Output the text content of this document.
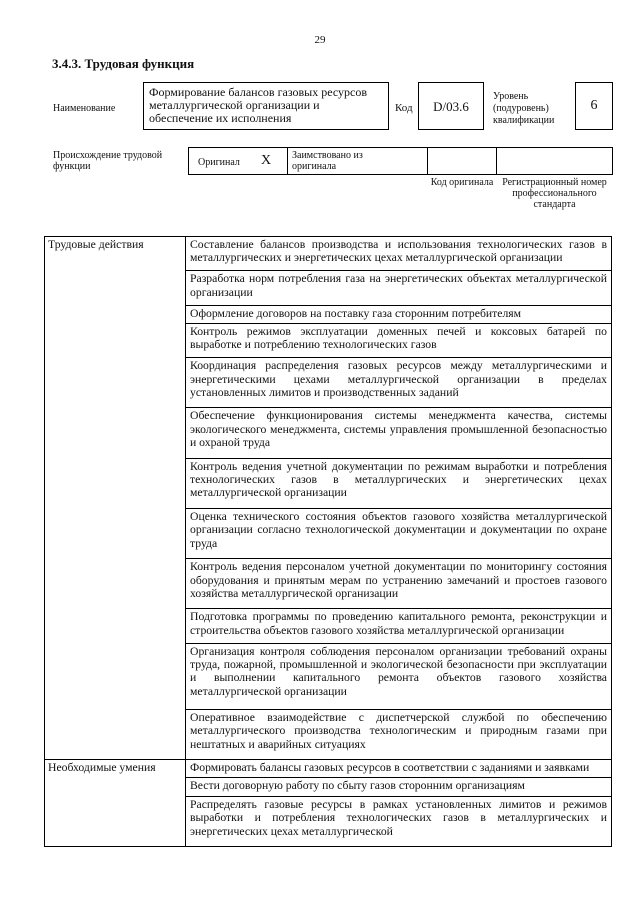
29
3.4.3. Трудовая функция
Наименование
Формирование балансов газовых ресурсов металлургической организации и обеспечение их исполнения
Код	D/03.6
Уровень (подуровень) квалификации
6
Происхождение трудовой функции	Оригинал X	Заимствовано из оригинала
Код оригинала Регистрационный номер профессионального стандарта
Трудовые действия	Составление балансов производства и использования технологических газов в металлургических и энергетических цехах металлургической организации
	Разработка норм потребления газа на энергетических объектах металлургической организации
	Оформление договоров на поставку газа сторонним потребителям
	Контроль режимов эксплуатации доменных печей и коксовых батарей по выработке и потреблению технологических газов
	Координация распределения газовых ресурсов между металлургическими и энергетическими цехами металлургической организации в пределах установленных лимитов и производственных заданий
	Обеспечение функционирования системы менеджмента качества, системы экологического менеджмента, системы управления промышленной безопасностью и охраной труда
	Контроль ведения учетной документации по режимам выработки и потребления технологических газов в металлургических и энергетических цехах металлургической организации
	Оценка технического состояния объектов газового хозяйства металлургической организации согласно технологической документации и документации по охране труда
	Контроль ведения персоналом учетной документации по мониторингу состояния оборудования и принятым мерам по устранению замечаний и простоев газового хозяйства металлургической организации
	Подготовка программы по проведению капитального ремонта, реконструкции и строительства объектов газового хозяйства металлургической организации
	Организация контроля соблюдения персоналом организации требований охраны труда, пожарной, промышленной и экологической безопасности при эксплуатации и выполнении капитального ремонта объектов газового хозяйства металлургической организации
	Оперативное взаимодействие с диспетчерской службой по обеспечению металлургического производства технологическим и природным газами при нештатных и аварийных ситуациях
Необходимые умения	Формировать балансы газовых ресурсов в соответствии с заданиями и заявками
	Вести договорную работу по сбыту газов сторонним организациям
	Распределять газовые ресурсы в рамках установленных лимитов и режимов выработки и потребления технологических газов в металлургических и энергетических цехах металлургической
